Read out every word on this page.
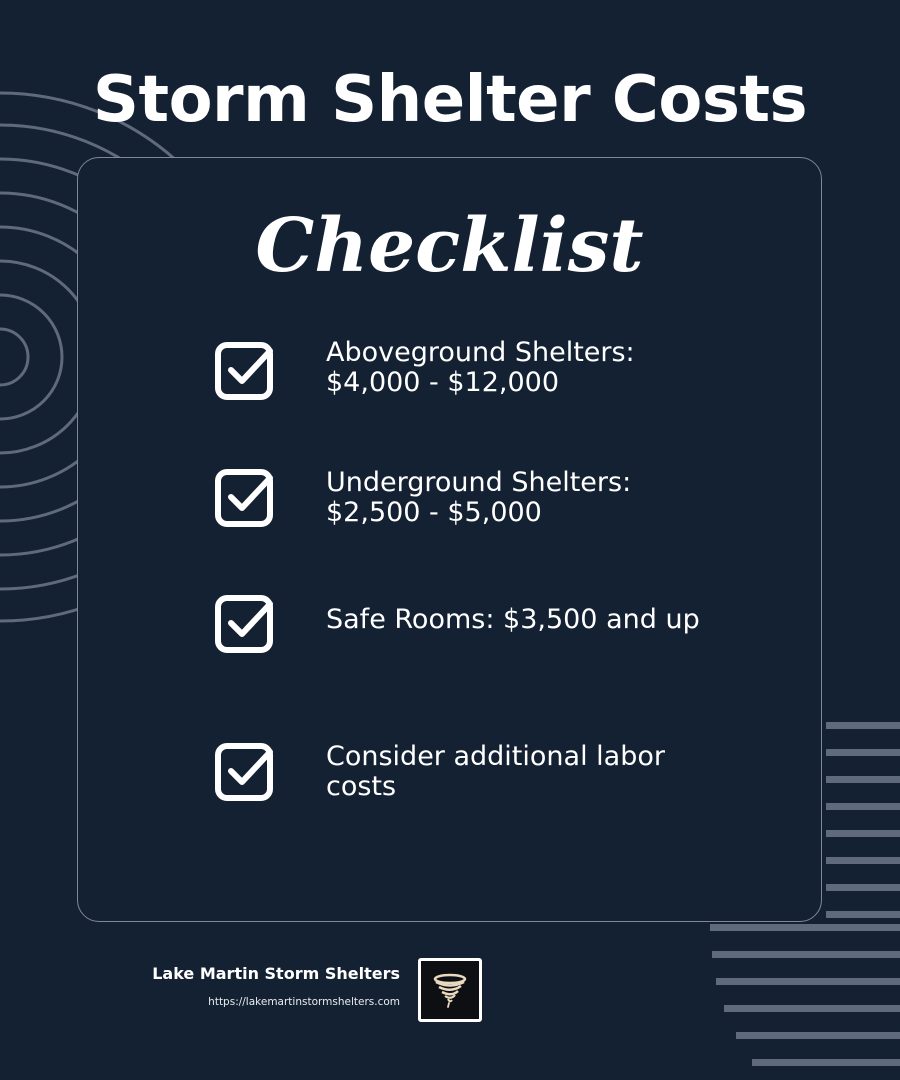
Storm Shelter Costs
Checklist
Aboveground Shelters:
$4,000 - $12,000
Underground Shelters:
$2,500 - $5,000
Safe Rooms: $3,500 and up
Consider additional labor
costs
Lake Martin Storm Shelters
https://lakemartinstormshelters.com
